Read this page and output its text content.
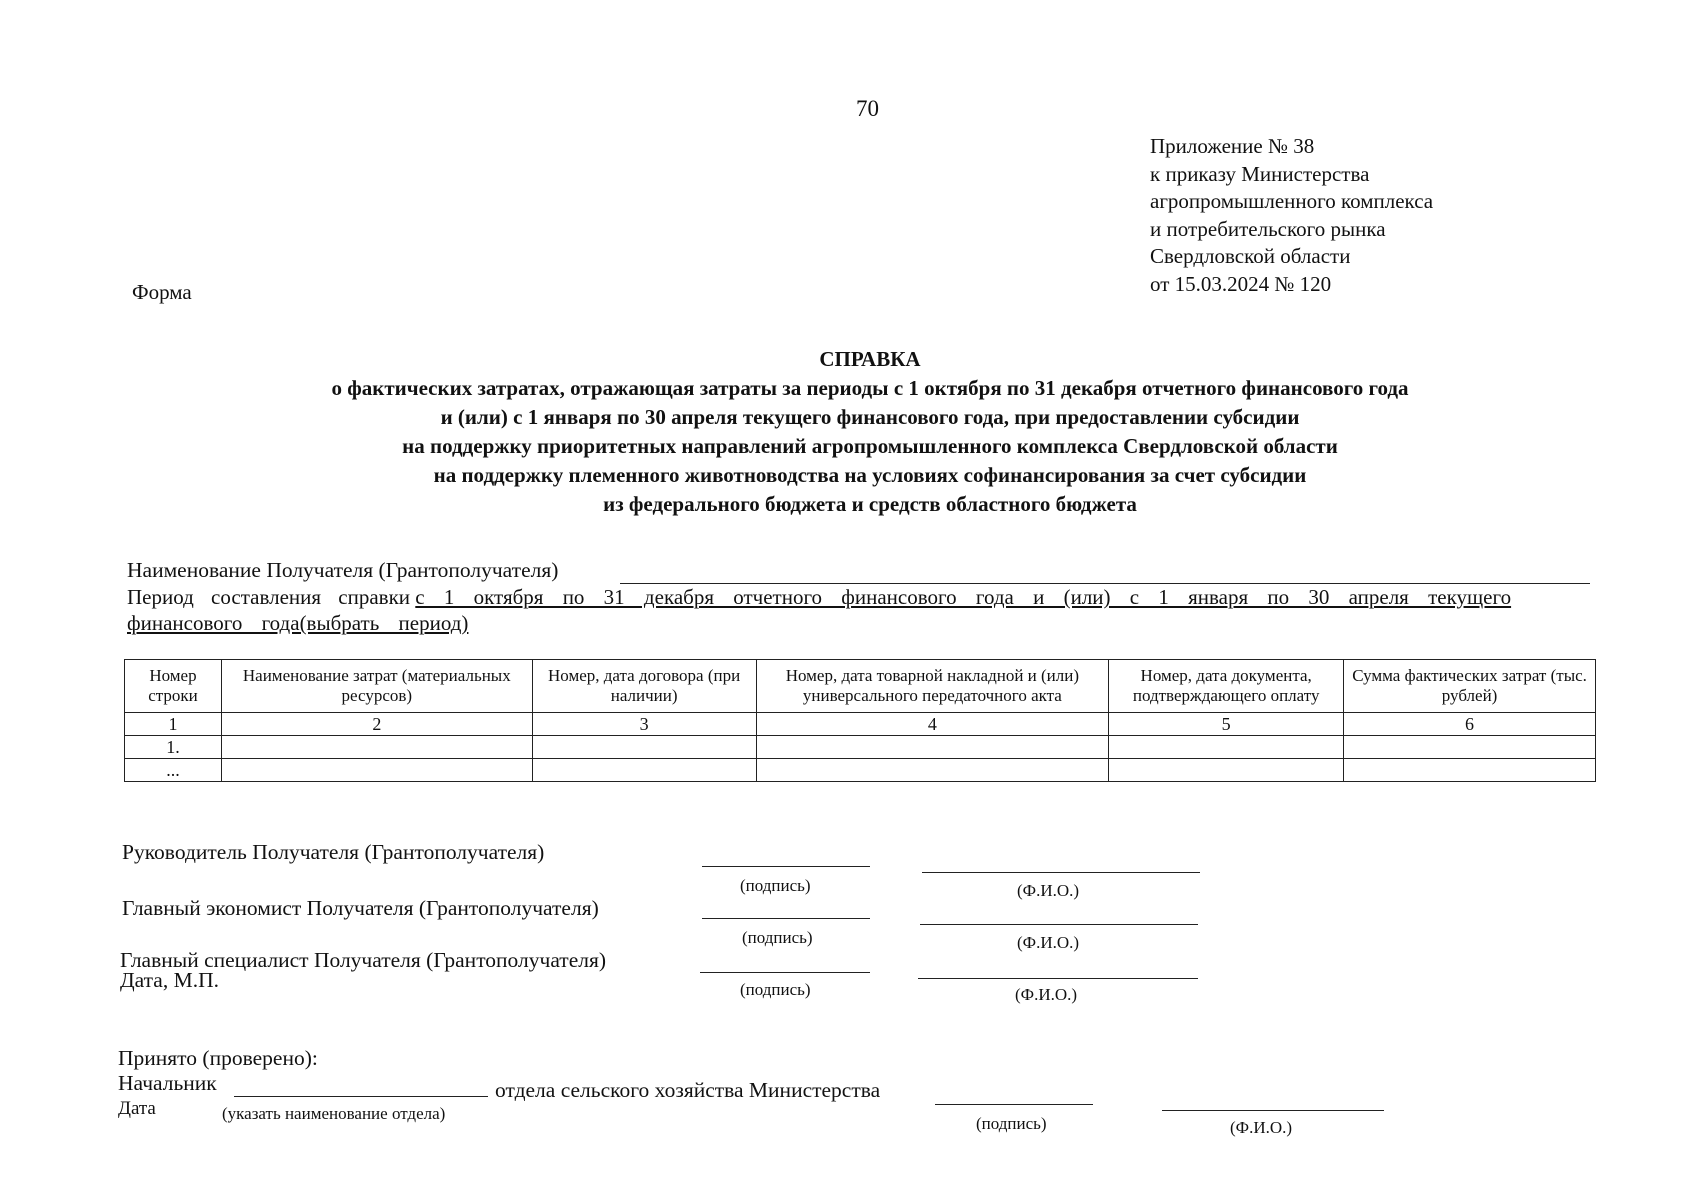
70
Приложение № 38
к приказу Министерства
агропромышленного комплекса
и потребительского рынка
Свердловской области
от 15.03.2024 № 120
Форма
СПРАВКА
о фактических затратах, отражающая затраты за периоды с 1 октября по 31 декабря отчетного финансового года
и (или) с 1 января по 30 апреля текущего финансового года, при предоставлении субсидии
на поддержку приоритетных направлений агропромышленного комплекса Свердловской области
на поддержку племенного животноводства на условиях софинансирования за счет субсидии
из федерального бюджета и средств областного бюджета
Наименование Получателя (Грантополучателя)
Период составления справки с 1 октября по 31 декабря отчетного финансового года и (или) с 1 января по 30 апреля текущего финансового года(выбрать период)
Номер строки	Наименование затрат (материальных ресурсов)	Номер, дата договора (при наличии)	Номер, дата товарной накладной и (или) универсального передаточного акта	Номер, дата документа, подтверждающего оплату	Сумма фактических затрат (тыс. рублей)
1	2	3	4	5	6
1.					
...					
Руководитель Получателя (Грантополучателя)
(подпись)	(Ф.И.О.)
Главный экономист Получателя (Грантополучателя)
(подпись)	(Ф.И.О.)
Главный специалист Получателя (Грантополучателя)
Дата, М.П.	(подпись)	(Ф.И.О.)
Принято (проверено):
Начальник	отдела сельского хозяйства Министерства
Дата	(указать наименование отдела)
(подпись)	(Ф.И.О.)
